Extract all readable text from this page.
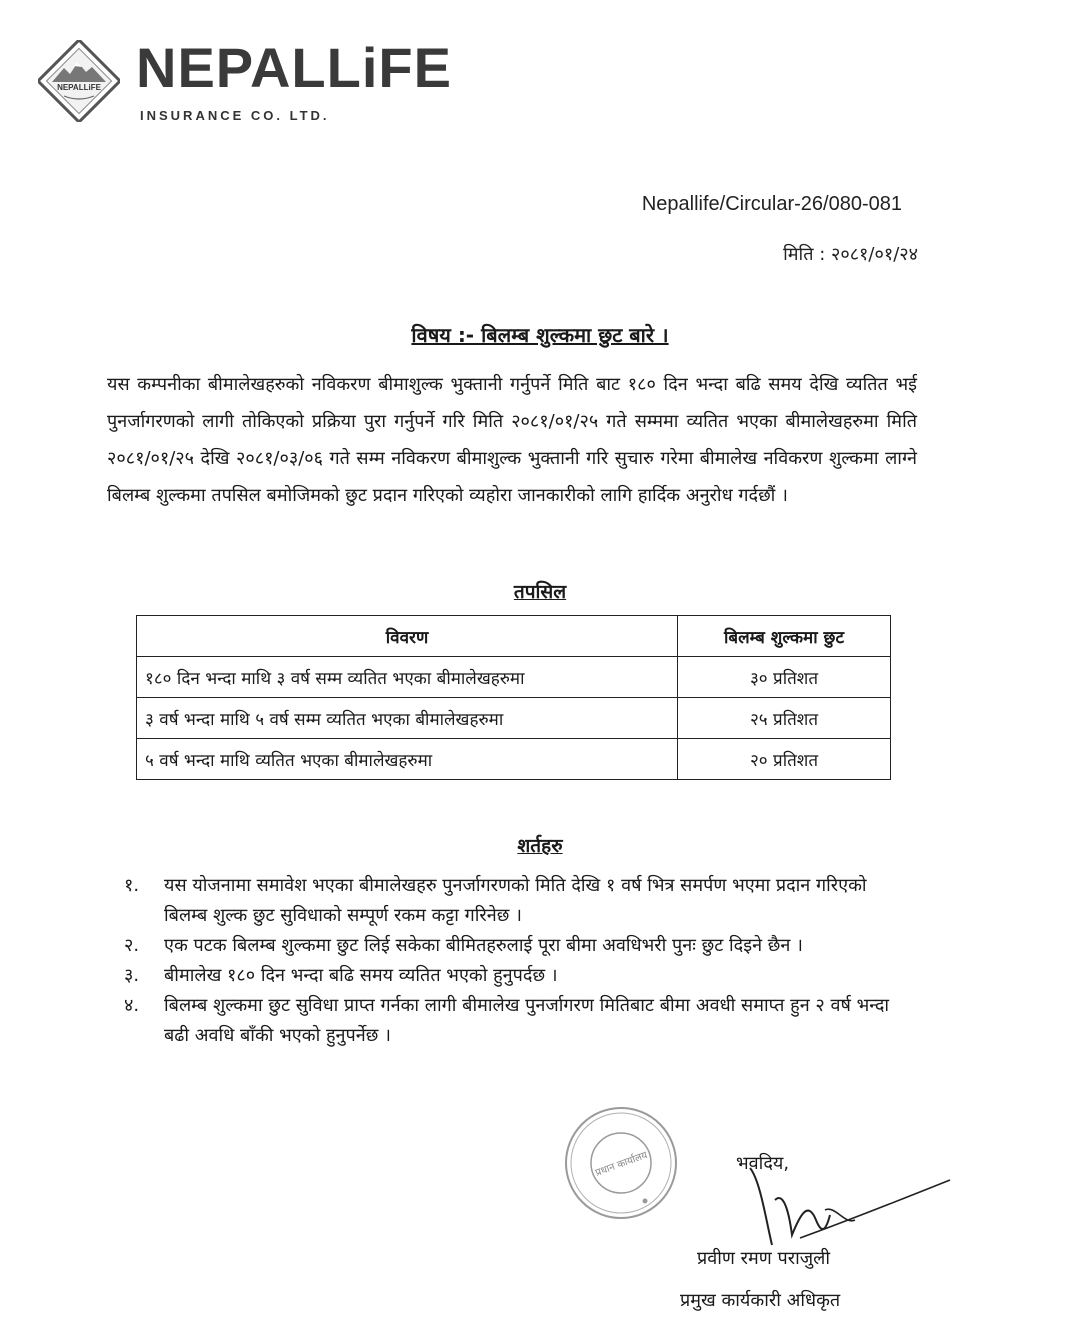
NEPALLiFE NEPALLiFE
INSURANCE CO. LTD.
Nepallife/Circular-26/080-081
मिति : २०८१/०१/२४
विषय :- बिलम्ब शुल्कमा छुट बारे ।
यस कम्पनीका बीमालेखहरुको नविकरण बीमाशुल्क भुक्तानी गर्नुपर्ने मिति बाट १८० दिन भन्दा बढि समय देखि व्यतित भई पुनर्जागरणको लागी तोकिएको प्रक्रिया पुरा गर्नुपर्ने गरि मिति २०८१/०१/२५ गते सम्ममा व्यतित भएका बीमालेखहरुमा मिति २०८१/०१/२५ देखि २०८१/०३/०६ गते सम्म नविकरण बीमाशुल्क भुक्तानी गरि सुचारु गरेमा बीमालेख नविकरण शुल्कमा लाग्ने बिलम्ब शुल्कमा तपसिल बमोजिमको छुट प्रदान गरिएको व्यहोरा जानकारीको लागि हार्दिक अनुरोध गर्दछौं ।
तपसिल
विवरण	बिलम्ब शुल्कमा छुट
१८० दिन भन्दा माथि ३ वर्ष सम्म व्यतित भएका बीमालेखहरुमा	३० प्रतिशत
३ वर्ष भन्दा माथि ५ वर्ष सम्म व्यतित भएका बीमालेखहरुमा	२५ प्रतिशत
५ वर्ष भन्दा माथि व्यतित भएका बीमालेखहरुमा	२० प्रतिशत
शर्तहरु
१. यस योजनामा समावेश भएका बीमालेखहरु पुनर्जागरणको मिति देखि १ वर्ष भित्र समर्पण भएमा प्रदान गरिएको बिलम्ब शुल्क छुट सुविधाको सम्पूर्ण रकम कट्टा गरिनेछ ।
२. एक पटक बिलम्ब शुल्कमा छुट लिई सकेका बीमितहरुलाई पूरा बीमा अवधिभरी पुनः छुट दिइने छैन ।
३. बीमालेख १८० दिन भन्दा बढि समय व्यतित भएको हुनुपर्दछ ।
४. बिलम्ब शुल्कमा छुट सुविधा प्राप्त गर्नका लागी बीमालेख पुनर्जागरण मितिबाट बीमा अवधी समाप्त हुन २ वर्ष भन्दा बढी अवधि बाँकी भएको हुनुपर्नेछ ।
प्रधान कार्यालय	भवदिय,
प्रवीण रमण पराजुली
प्रमुख कार्यकारी अधिकृत
